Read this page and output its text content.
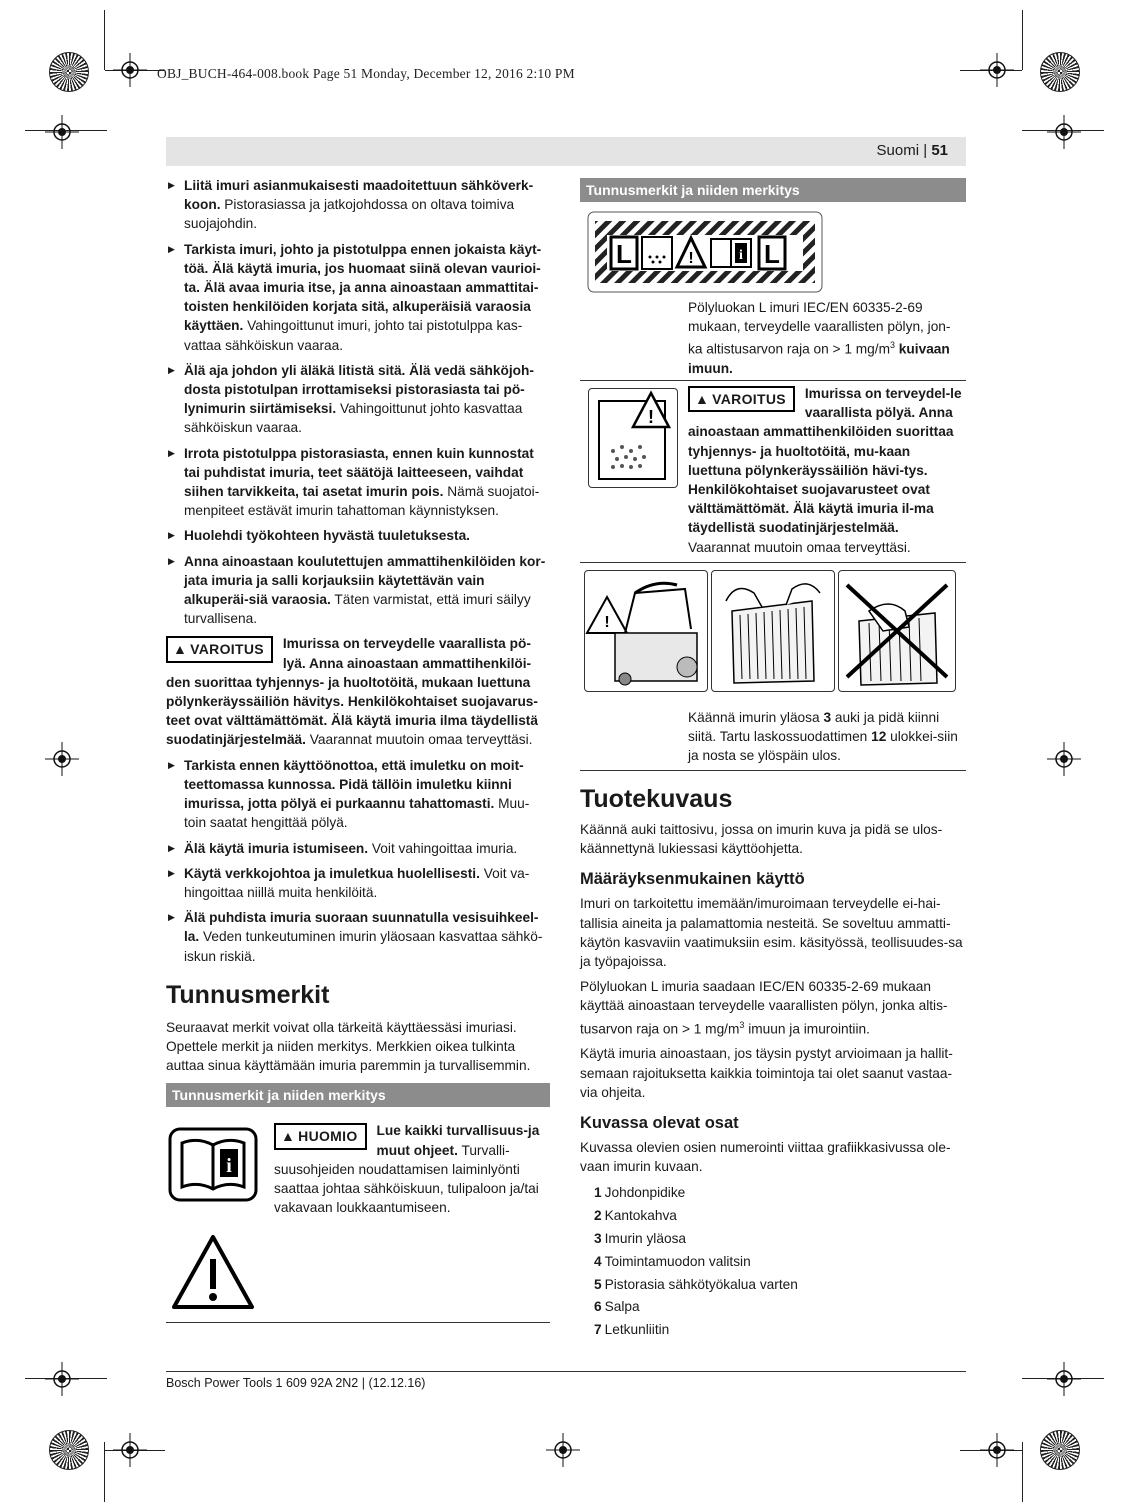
OBJ_BUCH-464-008.book Page 51 Monday, December 12, 2016 2:10 PM
Suomi | 51

▶ Liitä imuri asianmukaisesti maadoitettuun sähköverk-koon. Pistorasiassa ja jatkojohdossa on oltava toimiva suojajohdin.

▶ Tarkista imuri, johto ja pistotulppa ennen jokaista käyt-töä. Älä käytä imuria, jos huomaat siinä olevan vaurioi-ta. Älä avaa imuria itse, ja anna ainoastaan ammattitai-toisten henkilöiden korjata sitä, alkuperäisiä varaosia käyttäen. Vahingoittunut imuri, johto tai pistotulppa kas-vattaa sähköiskun vaaraa.

▶ Älä aja johdon yli äläkä litistä sitä. Älä vedä sähköjoh-dosta pistotulpan irrottamiseksi pistorasiasta tai pö-lynimurin siirtämiseksi. Vahingoittunut johto kasvattaa sähköiskun vaaraa.

▶ Irrota pistotulppa pistorasiasta, ennen kuin kunnostat tai puhdistat imuria, teet säätöjä laitteeseen, vaihdat siihen tarvikkeita, tai asetat imurin pois. Nämä suojatoi-menpiteet estävät imurin tahattoman käynnistyksen.

▶ Huolehdi työkohteen hyvästä tuuletuksesta.

▶ Anna ainoastaan koulutettujen ammattihenkilöiden kor-jata imuria ja salli korjauksiin käytettävän vain alkuperäi-siä varaosia. Täten varmistat, että imuri säilyy turvallisena.

▲ VAROITUS	Imurissa on terveydelle vaarallista pö-lyä. Anna ainoastaan ammattihenkilöi-den suorittaa tyhjennys- ja huoltotöitä, mukaan luettuna pölynkeräyssäiliön hävitys. Henkilökohtaiset suojavarus-teet ovat välttämättömät. Älä käytä imuria ilma täydellistä suodatinjärjestelmää. Vaarannat muutoin omaa terveyttäsi.

▶ Tarkista ennen käyttöönottoa, että imuletku on moit-teettomassa kunnossa. Pidä tällöin imuletku kiinni imurissa, jotta pölyä ei purkaannu tahattomasti. Muu-toin saatat hengittää pölyä.

▶ Älä käytä imuria istumiseen. Voit vahingoittaa imuria.

▶ Käytä verkkojohtoa ja imuletkua huolellisesti. Voit va-hingoittaa niillä muita henkilöitä.

▶ Älä puhdista imuria suoraan suunnatulla vesisuihkeel-la. Veden tunkeutuminen imurin yläosaan kasvattaa sähkö-iskun riskiä.

Tunnusmerkit

Seuraavat merkit voivat olla tärkeitä käyttäessäsi imuriasi. Opettele merkit ja niiden merkitys. Merkkien oikea tulkinta auttaa sinua käyttämään imuria paremmin ja turvallisemmin.

Tunnusmerkit ja niiden merkitys
i

▲ HUOMIO	Lue kaikki turvallisuus-ja muut ohjeet. Turvalli-suusohjeiden noudattamisen laiminlyönti saattaa johtaa sähköiskuun, tulipaloon ja/tai vakavaan loukkaantumiseen.

Tunnusmerkit ja niiden merkitys
L	!	i L

Pölyluokan L imuri IEC/EN 60335-2-69 mukaan, terveydelle vaarallisten pölyn, jon-ka altistusarvon raja on > 1 $mg/m^3$ kuivaan imuun.

!

▲ VAROITUS	Imurissa on terveydel-le vaarallista pölyä. Anna ainoastaan ammattihenkilöiden suorittaa tyhjennys- ja huoltotöitä, mu-kaan luettuna pölynkeräyssäiliön hävi-tys. Henkilökohtaiset suojavarusteet ovat välttämättömät. Älä käytä imuria il-ma täydellistä suodatinjärjestelmää. Vaarannat muutoin omaa terveyttäsi.

!

Käännä imurin yläosa 3 auki ja pidä kiinni siitä. Tartu laskossuodattimen 12 ulokkei-siin ja nosta se ylöspäin ulos.

Tuotekuvaus

Käännä auki taittosivu, jossa on imurin kuva ja pidä se ulos-käännettynä lukiessasi käyttöohjetta.

Määräyksenmukainen käyttö

Imuri on tarkoitettu imemään/imuroimaan terveydelle ei-hai-tallisia aineita ja palamattomia nesteitä. Se soveltuu ammatti-käytön kasvaviin vaatimuksiin esim. käsityössä, teollisuudes-sa ja työpajoissa.

Pölyluokan L imuria saadaan IEC/EN 60335-2-69 mukaan käyttää ainoastaan terveydelle vaarallisten pölyn, jonka altis-tusarvon raja on > 1 $mg/m^3$ imuun ja imurointiin.

Käytä imuria ainoastaan, jos täysin pystyt arvioimaan ja hallit-semaan rajoituksetta kaikkia toimintoja tai olet saanut vastaa-via ohjeita.

Kuvassa olevat osat

Kuvassa olevien osien numerointi viittaa grafiikkasivussa ole-vaan imurin kuvaan.

1 Johdonpidike
2 Kantokahva
3 Imurin yläosa
4 Toimintamuodon valitsin
5 Pistorasia sähkötyökalua varten
6 Salpa
7 Letkunliitin
Bosch Power Tools 1 609 92A 2N2 | (12.12.16)
